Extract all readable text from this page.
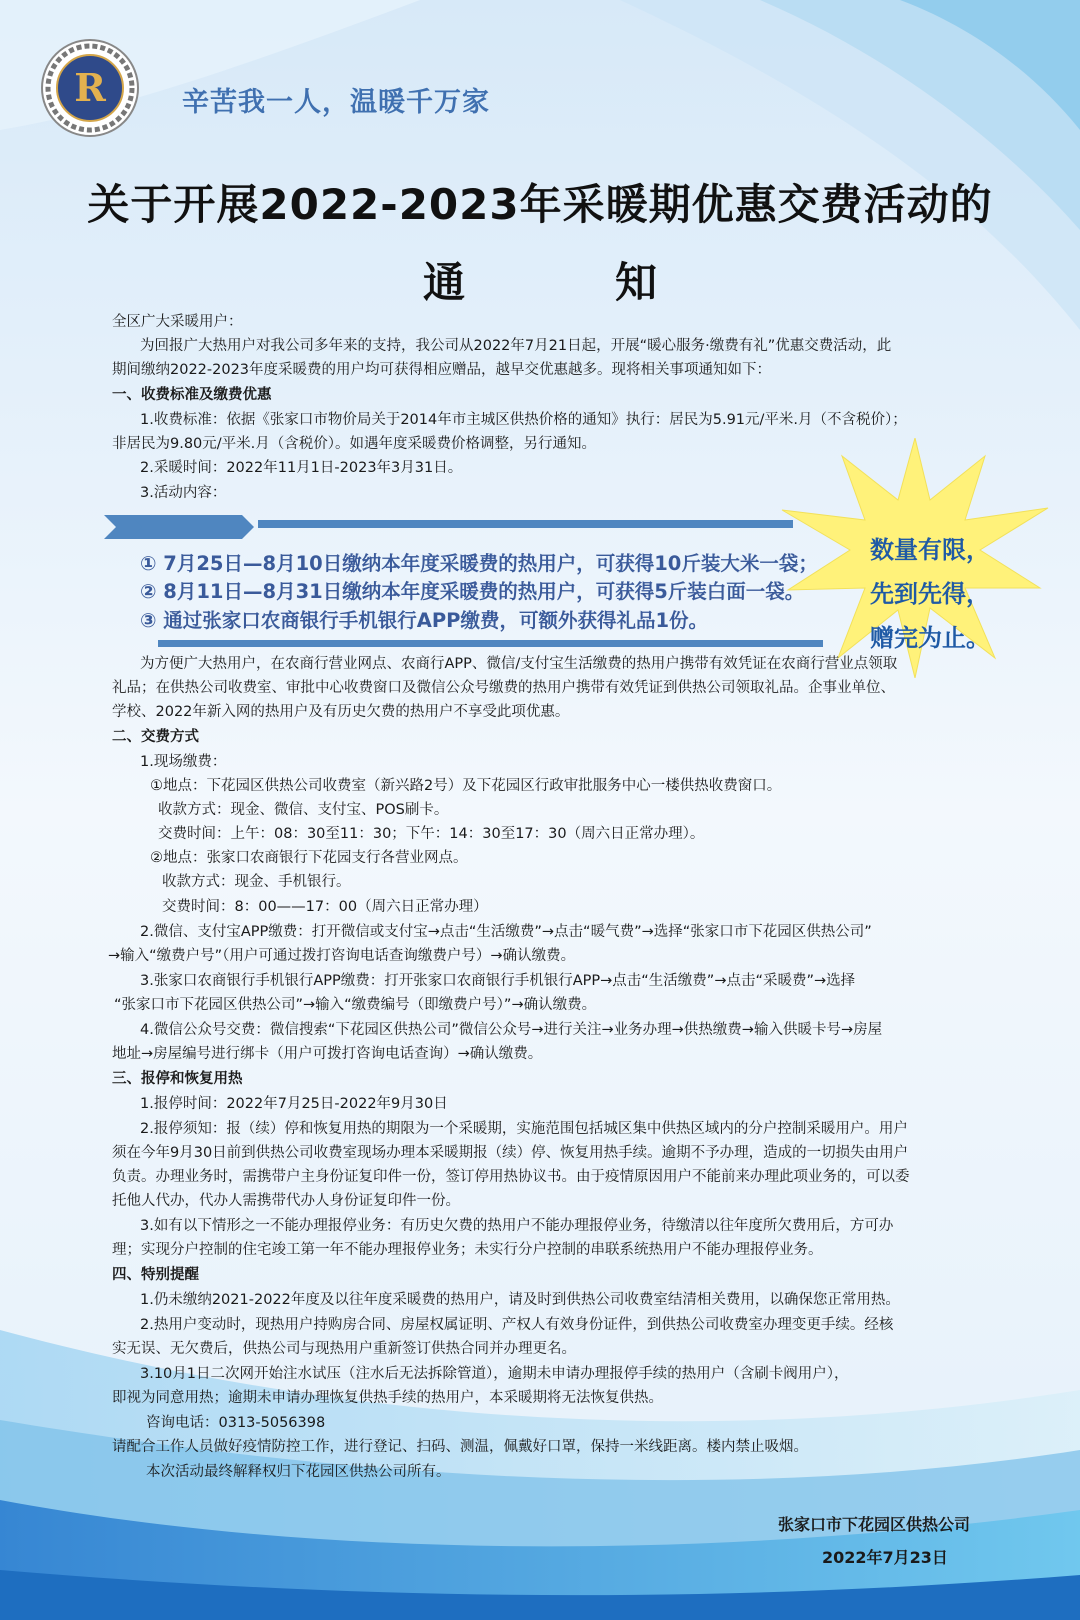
R	辛苦我一人，温暖千万家
关于开展2022-2023年采暖期优惠交费活动的
通	知
全区广大采暖用户：
为回报广大热用户对我公司多年来的支持，我公司从2022年7月21日起，开展“暖心服务·缴费有礼”优惠交费活动，此
期间缴纳2022-2023年度采暖费的用户均可获得相应赠品，越早交优惠越多。现将相关事项通知如下：
一、收费标准及缴费优惠
1.收费标准：依据《张家口市物价局关于2014年市主城区供热价格的通知》执行：居民为5.91元/平米.月（不含税价）；
非居民为9.80元/平米.月（含税价）。如遇年度采暖费价格调整，另行通知。
2.采暖时间：2022年11月1日-2023年3月31日。
3.活动内容：
① 7月25日—8月10日缴纳本年度采暖费的热用户，可获得10斤装大米一袋；
② 8月11日—8月31日缴纳本年度采暖费的热用户，可获得5斤装白面一袋。
③ 通过张家口农商银行手机银行APP缴费，可额外获得礼品1份。
数量有限，
先到先得，
赠完为止。
为方便广大热用户，在农商行营业网点、农商行APP、微信/支付宝生活缴费的热用户携带有效凭证在农商行营业点领取
礼品；在供热公司收费室、审批中心收费窗口及微信公众号缴费的热用户携带有效凭证到供热公司领取礼品。企事业单位、
学校、2022年新入网的热用户及有历史欠费的热用户不享受此项优惠。
二、交费方式
1.现场缴费：
①地点：下花园区供热公司收费室（新兴路2号）及下花园区行政审批服务中心一楼供热收费窗口。
收款方式：现金、微信、支付宝、POS刷卡。
交费时间：上午：08：30至11：30；下午：14：30至17：30（周六日正常办理）。
②地点：张家口农商银行下花园支行各营业网点。
收款方式：现金、手机银行。
交费时间：8：00——17：00（周六日正常办理）
2.微信、支付宝APP缴费：打开微信或支付宝→点击“生活缴费”→点击“暖气费”→选择“张家口市下花园区供热公司”
→输入“缴费户号”（用户可通过拨打咨询电话查询缴费户号）→确认缴费。
3.张家口农商银行手机银行APP缴费：打开张家口农商银行手机银行APP→点击“生活缴费”→点击“采暖费”→选择
“张家口市下花园区供热公司”→输入“缴费编号（即缴费户号）”→确认缴费。
4.微信公众号交费：微信搜索“下花园区供热公司”微信公众号→进行关注→业务办理→供热缴费→输入供暖卡号→房屋
地址→房屋编号进行绑卡（用户可拨打咨询电话查询）→确认缴费。
三、报停和恢复用热
1.报停时间：2022年7月25日-2022年9月30日
2.报停须知：报（续）停和恢复用热的期限为一个采暖期，实施范围包括城区集中供热区域内的分户控制采暖用户。用户
须在今年9月30日前到供热公司收费室现场办理本采暖期报（续）停、恢复用热手续。逾期不予办理，造成的一切损失由用户
负责。办理业务时，需携带户主身份证复印件一份，签订停用热协议书。由于疫情原因用户不能前来办理此项业务的，可以委
托他人代办，代办人需携带代办人身份证复印件一份。
3.如有以下情形之一不能办理报停业务：有历史欠费的热用户不能办理报停业务，待缴清以往年度所欠费用后，方可办
理；实现分户控制的住宅竣工第一年不能办理报停业务；未实行分户控制的串联系统热用户不能办理报停业务。
四、特别提醒
1.仍未缴纳2021-2022年度及以往年度采暖费的热用户，请及时到供热公司收费室结清相关费用，以确保您正常用热。
2.热用户变动时，现热用户持购房合同、房屋权属证明、产权人有效身份证件，到供热公司收费室办理变更手续。经核
实无误、无欠费后，供热公司与现热用户重新签订供热合同并办理更名。
3.10月1日二次网开始注水试压（注水后无法拆除管道），逾期未申请办理报停手续的热用户（含刷卡阀用户），
即视为同意用热；逾期未申请办理恢复供热手续的热用户，本采暖期将无法恢复供热。
咨询电话：0313-5056398
请配合工作人员做好疫情防控工作，进行登记、扫码、测温，佩戴好口罩，保持一米线距离。楼内禁止吸烟。
本次活动最终解释权归下花园区供热公司所有。
张家口市下花园区供热公司
2022年7月23日
